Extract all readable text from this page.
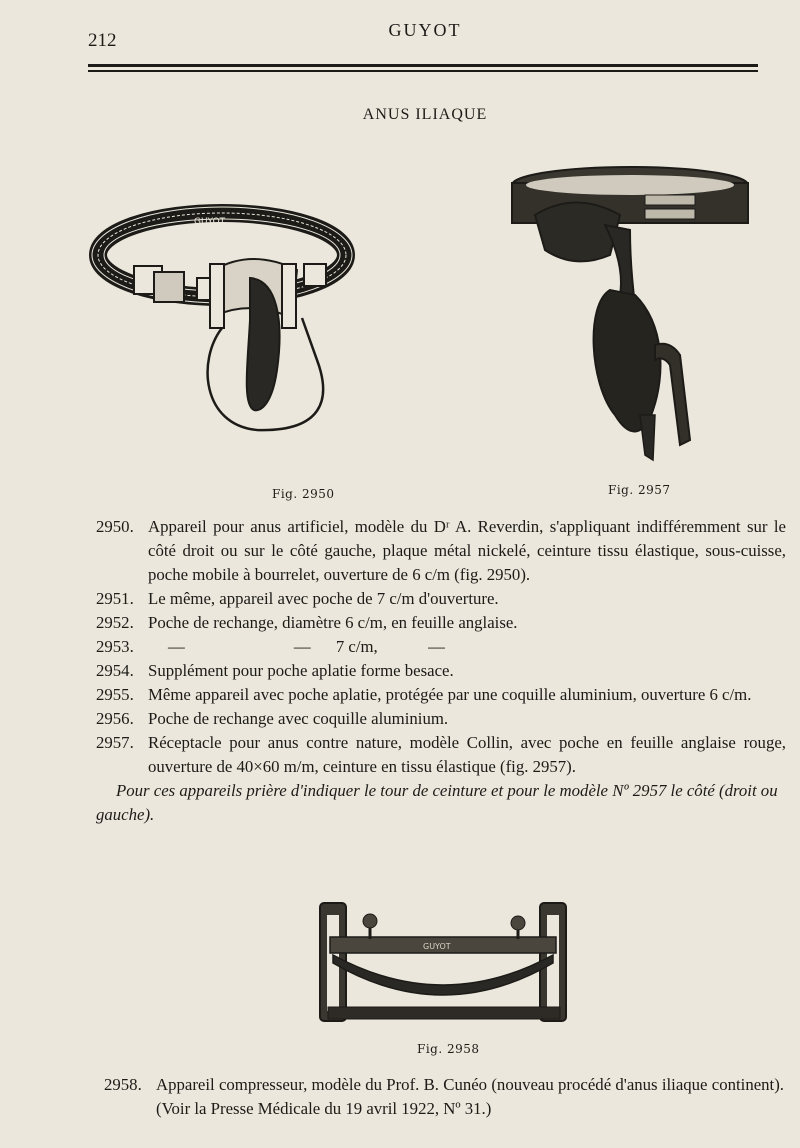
212	GUYOT
ANUS ILIAQUE
GUYOT
Fig. 2950	Fig. 2957
2950. Appareil pour anus artificiel, modèle du Dʳ A. Reverdin, s'appliquant indifféremment sur le côté droit ou sur le côté gauche, plaque métal nickelé, ceinture tissu élastique, sous-cuisse, poche mobile à bourrelet, ouverture de 6 c/m (fig. 2950).
2951. Le même, appareil avec poche de 7 c/m d'ouverture.
2952. Poche de rechange, diamètre 6 c/m, en feuille anglaise.
2953. —                          —      7 c/m,            —
2954. Supplément pour poche aplatie forme besace.
2955. Même appareil avec poche aplatie, protégée par une coquille aluminium, ouverture 6 c/m.
2956. Poche de rechange avec coquille aluminium.
2957. Réceptacle pour anus contre nature, modèle Collin, avec poche en feuille anglaise rouge, ouverture de 40×60 m/m, ceinture en tissu élastique (fig. 2957).
Pour ces appareils prière d'indiquer le tour de ceinture et pour le modèle Nº 2957 le côté (droit ou gauche).
GUYOT
Fig. 2958
2958. Appareil compresseur, modèle du Prof. B. Cunéo (nouveau procédé d'anus iliaque continent). (Voir la Presse Médicale du 19 avril 1922, Nº 31.)
